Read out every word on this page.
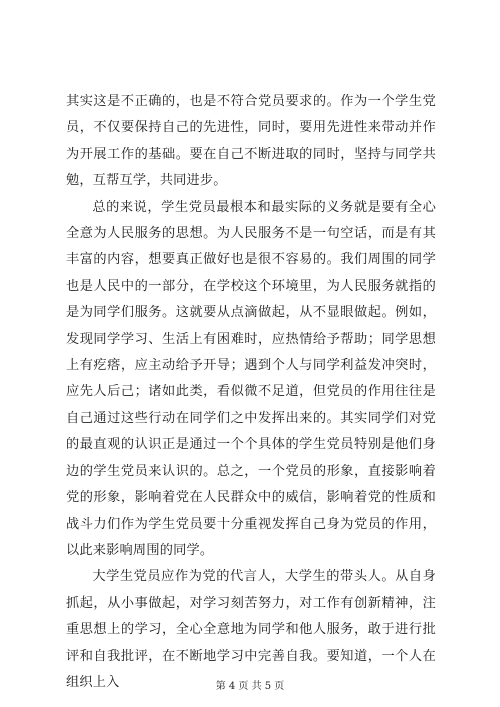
其实这是不正确的，也是不符合党员要求的。作为一个学生党员，不仅要保持自己的先进性，同时，要用先进性来带动并作为开展工作的基础。要在自己不断进取的同时，坚持与同学共勉，互帮互学，共同进步。

总的来说，学生党员最根本和最实际的义务就是要有全心全意为人民服务的思想。为人民服务不是一句空话，而是有其丰富的内容，想要真正做好也是很不容易的。我们周围的同学也是人民中的一部分，在学校这个环境里，为人民服务就指的是为同学们服务。这就要从点滴做起，从不显眼做起。例如，发现同学学习、生活上有困难时，应热情给予帮助；同学思想上有疙瘩，应主动给予开导；遇到个人与同学利益发冲突时，应先人后己；诸如此类，看似微不足道，但党员的作用往往是自己通过这些行动在同学们之中发挥出来的。其实同学们对党的最直观的认识正是通过一个个具体的学生党员特别是他们身边的学生党员来认识的。总之，一个党员的形象，直接影响着党的形象，影响着党在人民群众中的威信，影响着党的性质和战斗力们作为学生党员要十分重视发挥自己身为党员的作用，以此来影响周围的同学。

大学生党员应作为党的代言人，大学生的带头人。从自身抓起，从小事做起，对学习刻苦努力，对工作有创新精神，注重思想上的学习，全心全意地为同学和他人服务，敢于进行批评和自我批评，在不断地学习中完善自我。要知道，一个人在组织上入	第 4 页 共 5 页
